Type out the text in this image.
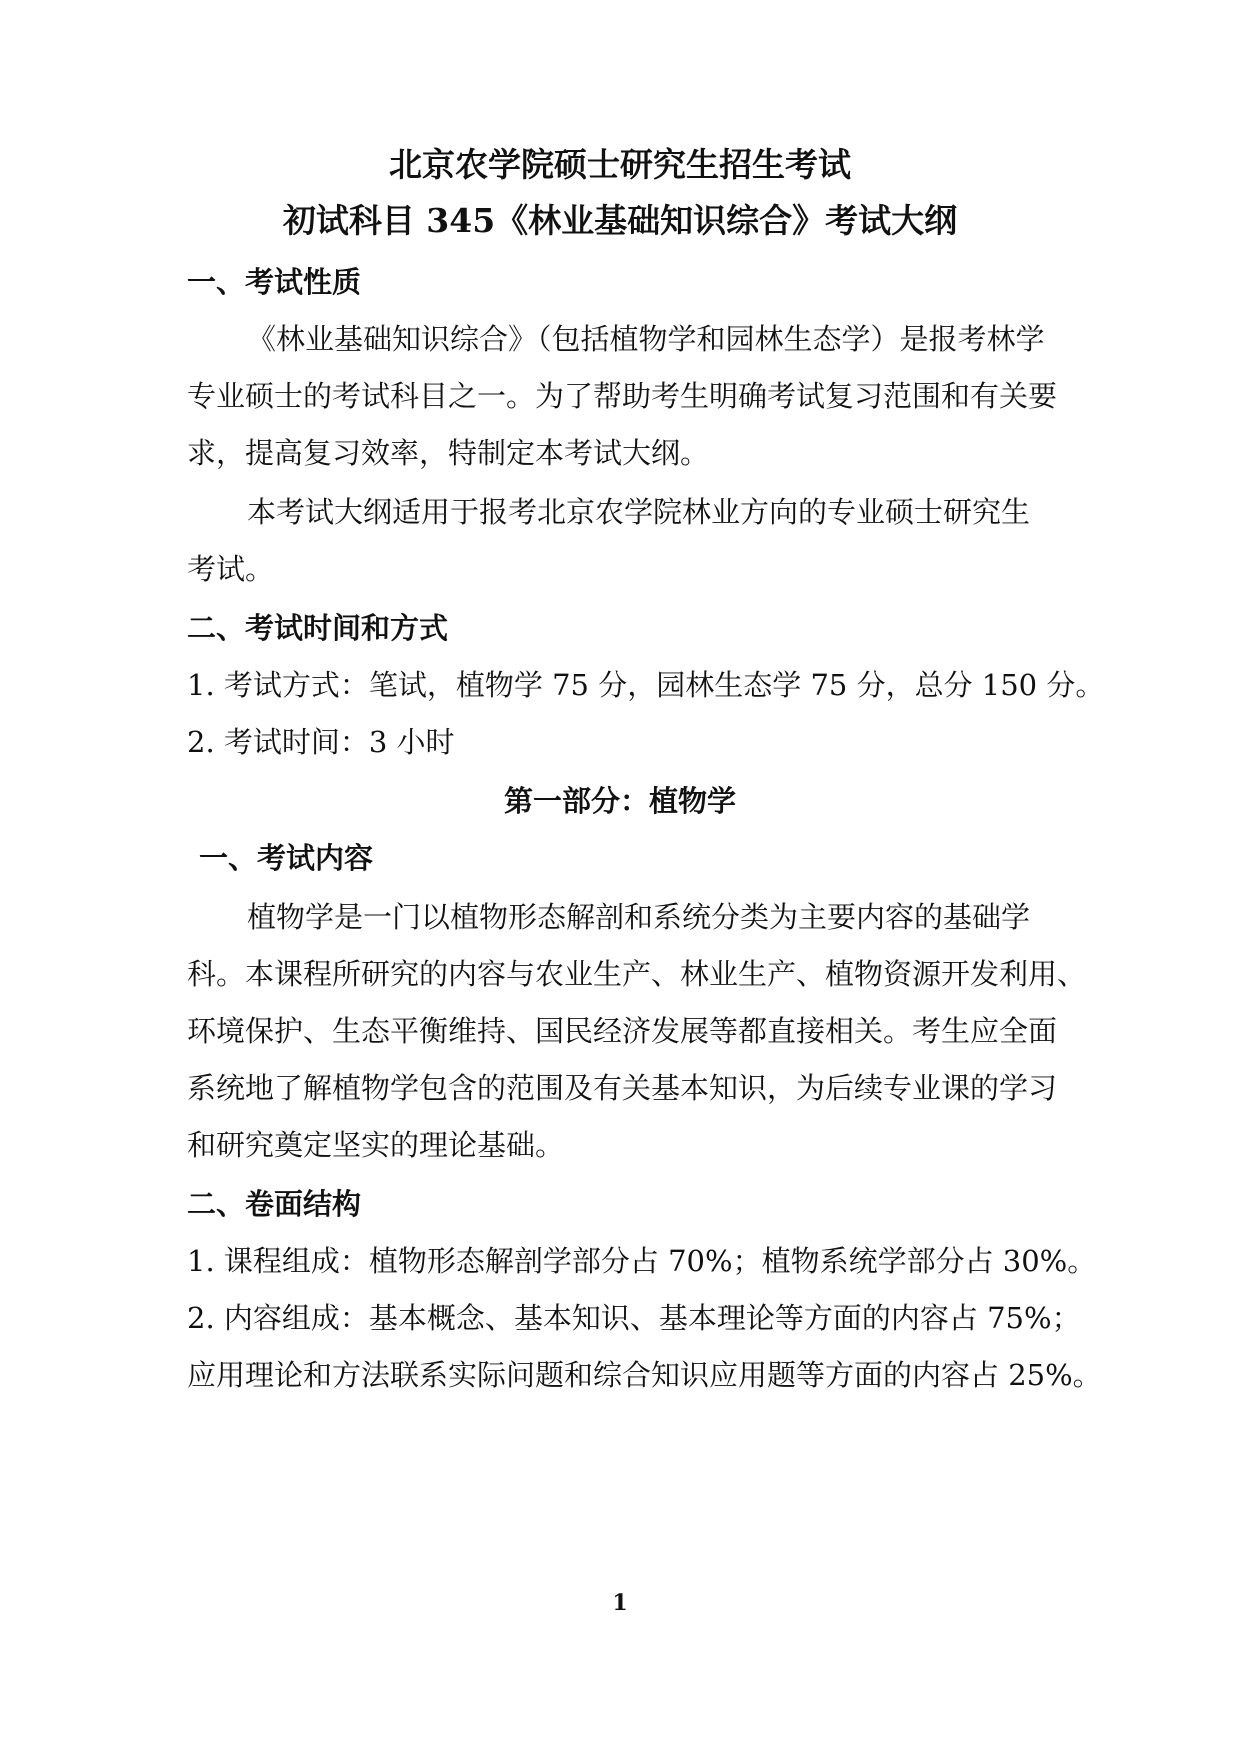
北京农学院硕士研究生招生考试
初试科目 345《林业基础知识综合》考试大纲
一、考试性质
《林业基础知识综合》（包括植物学和园林生态学）是报考林学
专业硕士的考试科目之一。为了帮助考生明确考试复习范围和有关要
求，提高复习效率，特制定本考试大纲。
本考试大纲适用于报考北京农学院林业方向的专业硕士研究生
考试。
二、考试时间和方式
1. 考试方式：笔试，植物学 75 分，园林生态学 75 分，总分 150 分。
2. 考试时间：3 小时
第一部分：植物学
一、考试内容
植物学是一门以植物形态解剖和系统分类为主要内容的基础学
科。本课程所研究的内容与农业生产、林业生产、植物资源开发利用、
环境保护、生态平衡维持、国民经济发展等都直接相关。考生应全面
系统地了解植物学包含的范围及有关基本知识，为后续专业课的学习
和研究奠定坚实的理论基础。
二、卷面结构
1. 课程组成：植物形态解剖学部分占 70%；植物系统学部分占 30%。
2. 内容组成：基本概念、基本知识、基本理论等方面的内容占 75%；
应用理论和方法联系实际问题和综合知识应用题等方面的内容占 25%。
1
